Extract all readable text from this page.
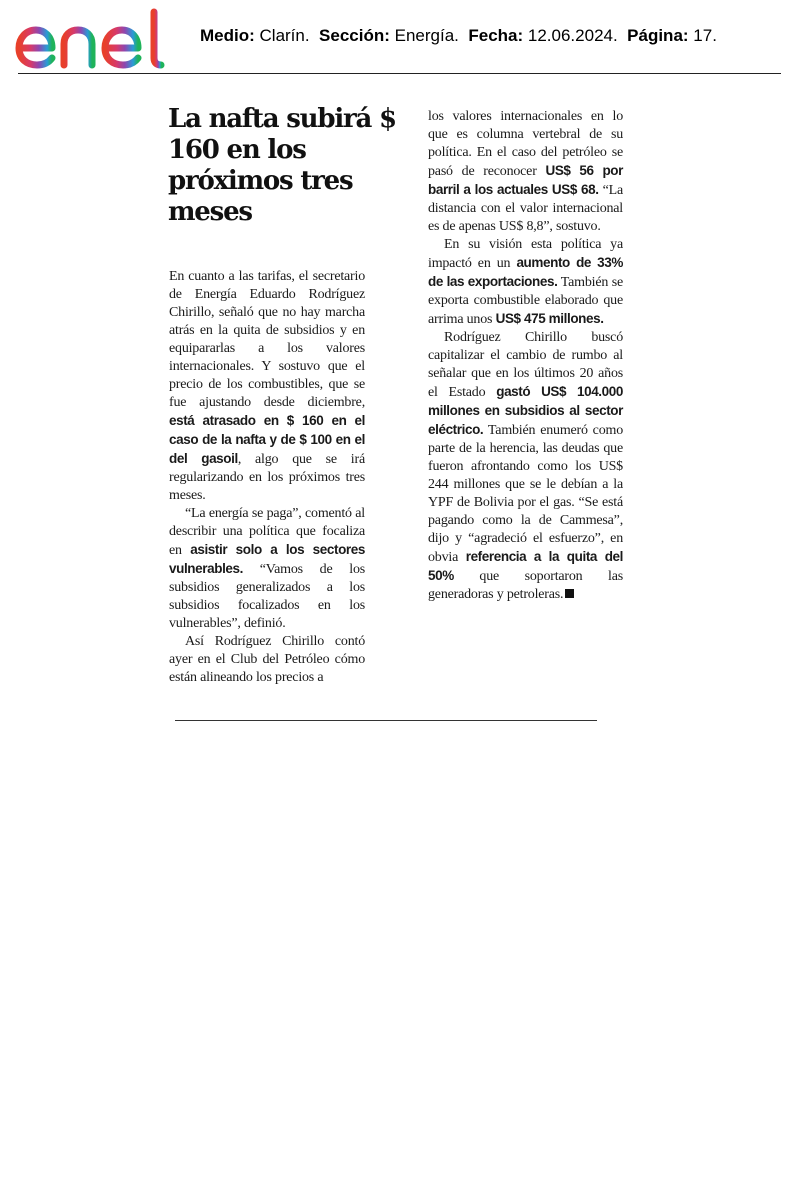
Medio: Clarín. Sección: Energía. Fecha: 12.06.2024. Página: 17.
La nafta subirá $ 160 en los próximos tres meses

En cuanto a las tarifas, el secretario de Energía Eduardo Rodríguez Chirillo, señaló que no hay marcha atrás en la quita de subsidios y en equipararlas a los valores internacionales. Y sostuvo que el precio de los combustibles, que se fue ajustando desde diciembre, está atrasado en $ 160 en el caso de la nafta y de $ 100 en el del gasoil, algo que se irá regularizando en los próximos tres meses.

“La energía se paga”, comentó al describir una política que focaliza en asistir solo a los sectores vulnerables. “Vamos de los subsidios generalizados a los subsidios focalizados en los vulnerables”, definió.

Así Rodríguez Chirillo contó ayer en el Club del Petróleo cómo están alineando los precios a

los valores internacionales en lo que es columna vertebral de su política. En el caso del petróleo se pasó de reconocer US$ 56 por barril a los actuales US$ 68. “La distancia con el valor internacional es de apenas US$ 8,8”, sostuvo.

En su visión esta política ya impactó en un aumento de 33% de las exportaciones. También se exporta combustible elaborado que arrima unos US$ 475 millones.

Rodríguez Chirillo buscó capitalizar el cambio de rumbo al señalar que en los últimos 20 años el Estado gastó US$ 104.000 millones en subsidios al sector eléctrico. También enumeró como parte de la herencia, las deudas que fueron afrontando como los US$ 244 millones que se le debían a la YPF de Bolivia por el gas. “Se está pagando como la de Cammesa”, dijo y “agradeció el esfuerzo”, en obvia referencia a la quita del 50% que soportaron las generadoras y petroleras.
